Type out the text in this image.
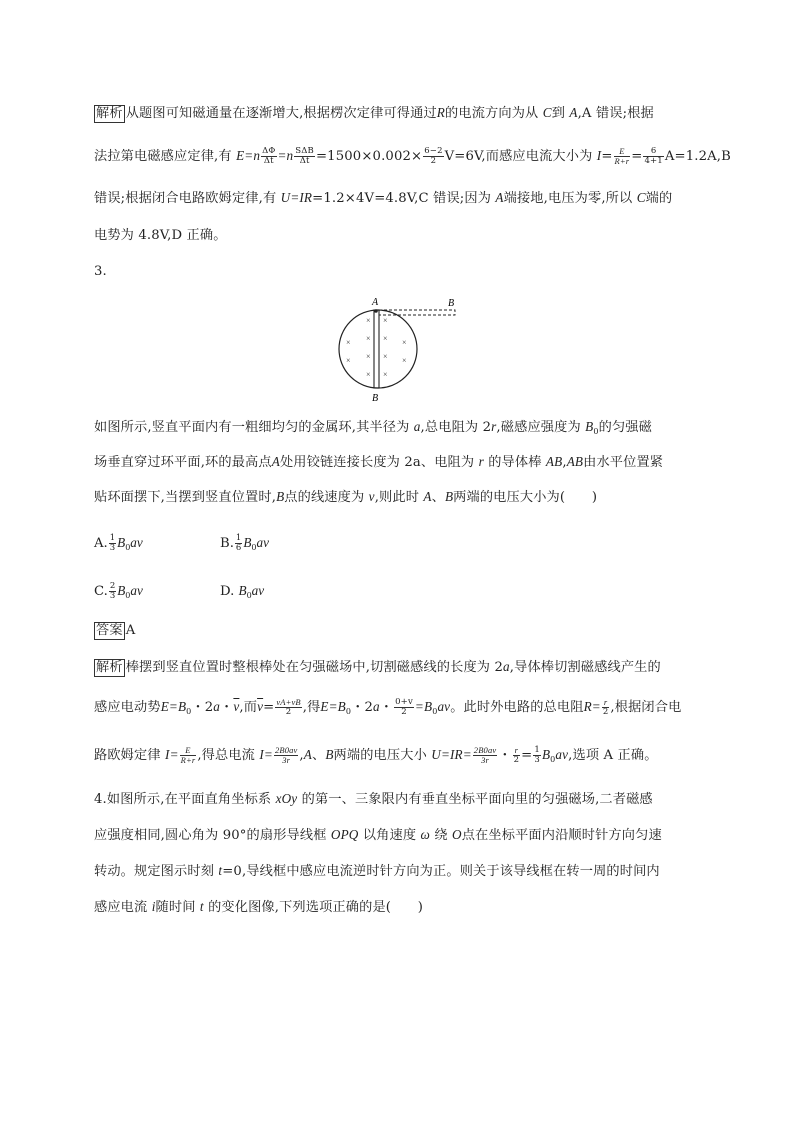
解析 从题图可知磁通量在逐渐增大,根据楞次定律可得通过R的电流方向为从 C到 A,A 错误;根据
法拉第电磁感应定律,有 $E=n \frac{\Delta\Phi}{\Delta t} =n \frac{\text{SΔB}}{\Delta t} =1500\times 0.002\times \frac{6-2}{2} V=6V$,而感应电流大小为 $I= \frac{E}{R+r} = \frac{6}{4+1} A=1.2A,B$
错误;根据闭合电路欧姆定律,有 U=IR=1.2×4V=4.8V,C 错误;因为 A端接地,电压为零,所以 C端的
电势为 4.8V,D 正确。
3.
× ×
× ×
×	×
× ×
×	×
× ×
A	B
B
如图所示,竖直平面内有一粗细均匀的金属环,其半径为 a,总电阻为 2r,磁感应强度为 $B_0$的匀强磁
场垂直穿过环平面,环的最高点A处用铰链连接长度为 2a、电阻为 r 的导体棒 AB,AB由水平位置紧
贴环面摆下,当摆到竖直位置时,B点的线速度为 v,则此时 A、B两端的电压大小为(　　)
A. $\frac{1}{3} B_0av$	B. $\frac{1}{6} B_0av$
C. $\frac{2}{3} B_0av$	D. $B_0av$
答案 A
解析 棒摆到竖直位置时整根棒处在匀强磁场中,切割磁感线的长度为 2a,导体棒切割磁感线产生的
感应电动势$E=B_0$・2a・$\overline{v}$,而$\overline{v}= \frac{vA+vB}{2}$ ,得$E=B_0$・2a・ $\frac{0+v}{2} =B_0av$。此时外电路的总电阻$R= \frac{r}{2}$ ,根据闭合电
路欧姆定律 $I= \frac{E}{R+r}$ ,得总电流 $I= \frac{2B0av}{3r} ,A$、B两端的电压大小 $U=IR= \frac{2B0av}{3r}$ ・ $\frac{r}{2} = \frac{1}{3} B_0av$,选项 A 正确。
4.如图所示,在平面直角坐标系 xOy 的第一、三象限内有垂直坐标平面向里的匀强磁场,二者磁感
应强度相同,圆心角为 90°的扇形导线框 OPQ 以角速度 ω 绕 O点在坐标平面内沿顺时针方向匀速
转动。规定图示时刻 t=0,导线框中感应电流逆时针方向为正。则关于该导线框在转一周的时间内
感应电流 i随时间 t 的变化图像,下列选项正确的是(　　)
